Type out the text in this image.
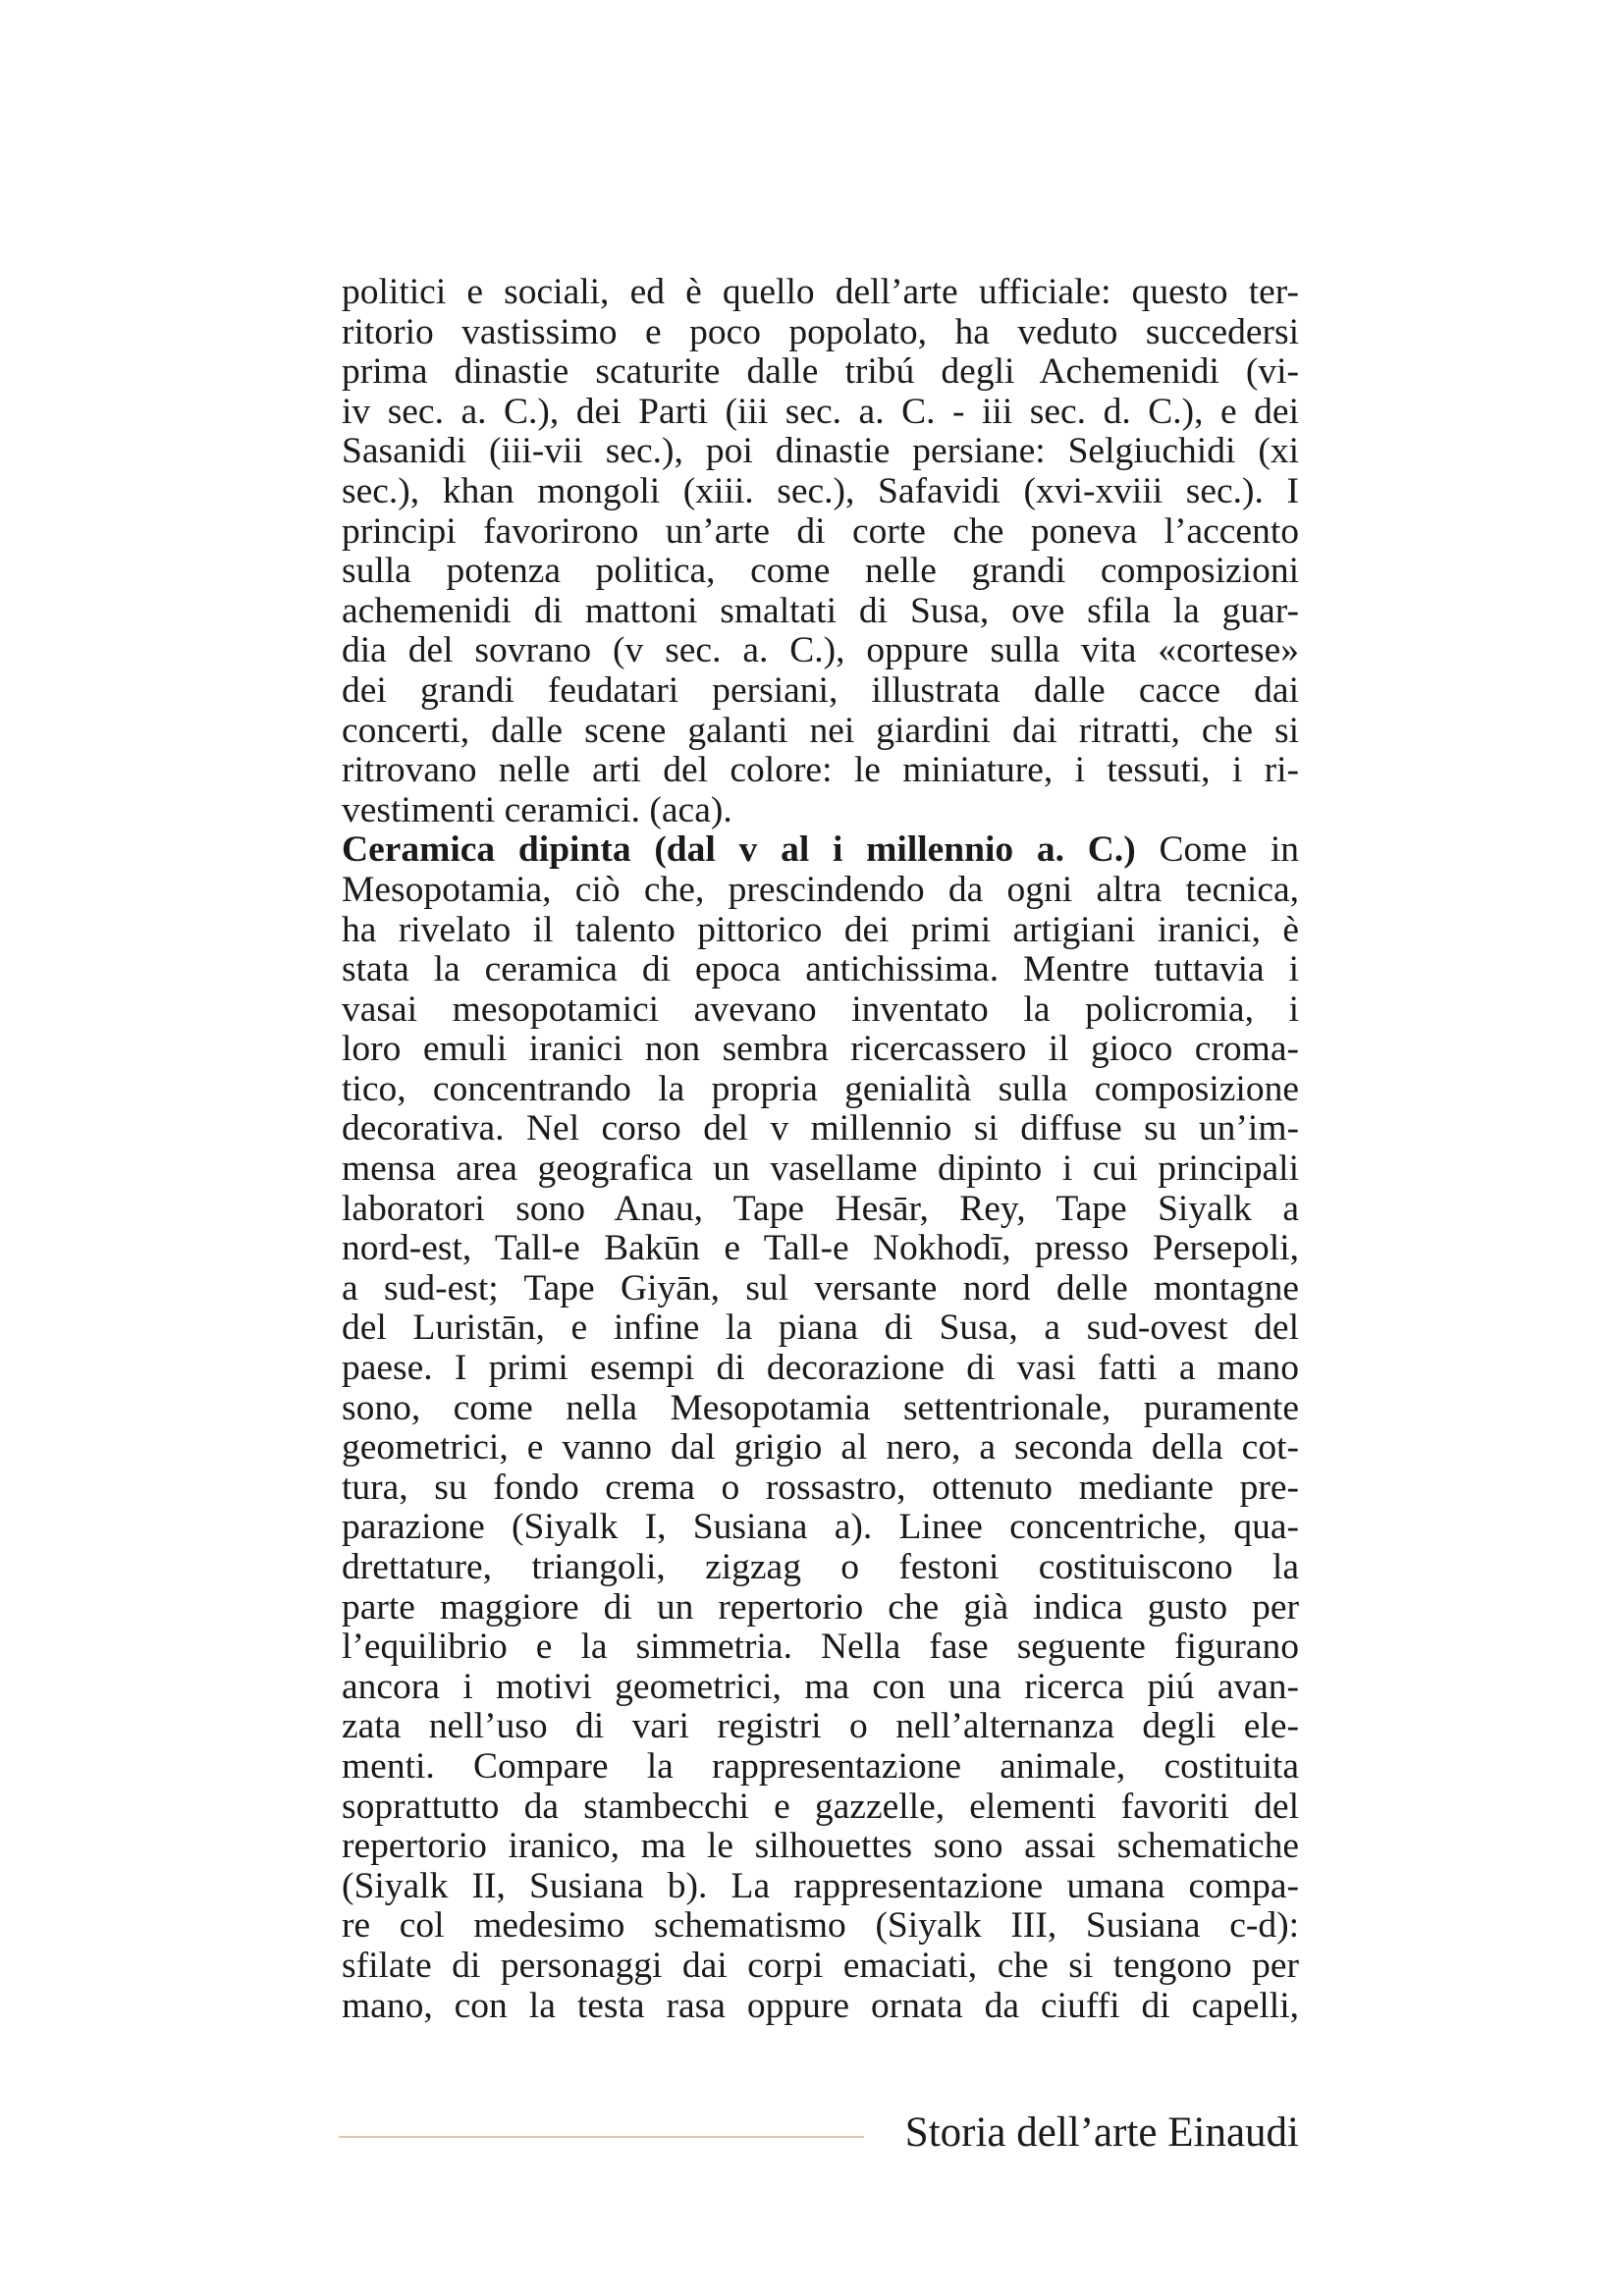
politici e sociali, ed è quello dell’arte ufficiale: questo ter-
ritorio vastissimo e poco popolato, ha veduto succedersi
prima dinastie scaturite dalle tribú degli Achemenidi (vi-
iv sec. a. C.), dei Parti (iii sec. a. C. - iii sec. d. C.), e dei
Sasanidi (iii-vii sec.), poi dinastie persiane: Selgiuchidi (xi
sec.), khan mongoli (xiii. sec.), Safavidi (xvi-xviii sec.). I
principi favorirono un’arte di corte che poneva l’accento
sulla potenza politica, come nelle grandi composizioni
achemenidi di mattoni smaltati di Susa, ove sfila la guar-
dia del sovrano (v sec. a. C.), oppure sulla vita «cortese»
dei grandi feudatari persiani, illustrata dalle cacce dai
concerti, dalle scene galanti nei giardini dai ritratti, che si
ritrovano nelle arti del colore: le miniature, i tessuti, i ri-
vestimenti ceramici. (aca).
Ceramica dipinta (dal v al i millennio a. C.) Come in
Mesopotamia, ciò che, prescindendo da ogni altra tecnica,
ha rivelato il talento pittorico dei primi artigiani iranici, è
stata la ceramica di epoca antichissima. Mentre tuttavia i
vasai mesopotamici avevano inventato la policromia, i
loro emuli iranici non sembra ricercassero il gioco croma-
tico, concentrando la propria genialità sulla composizione
decorativa. Nel corso del v millennio si diffuse su un’im-
mensa area geografica un vasellame dipinto i cui principali
laboratori sono Anau, Tape Hesār, Rey, Tape Siyalk a
nord-est, Tall-e Bakūn e Tall-e Nokhodī, presso Persepoli,
a sud-est; Tape Giyān, sul versante nord delle montagne
del Luristān, e infine la piana di Susa, a sud-ovest del
paese. I primi esempi di decorazione di vasi fatti a mano
sono, come nella Mesopotamia settentrionale, puramente
geometrici, e vanno dal grigio al nero, a seconda della cot-
tura, su fondo crema o rossastro, ottenuto mediante pre-
parazione (Siyalk I, Susiana a). Linee concentriche, qua-
drettature, triangoli, zigzag o festoni costituiscono la
parte maggiore di un repertorio che già indica gusto per
l’equilibrio e la simmetria. Nella fase seguente figurano
ancora i motivi geometrici, ma con una ricerca piú avan-
zata nell’uso di vari registri o nell’alternanza degli ele-
menti. Compare la rappresentazione animale, costituita
soprattutto da stambecchi e gazzelle, elementi favoriti del
repertorio iranico, ma le silhouettes sono assai schematiche
(Siyalk II, Susiana b). La rappresentazione umana compa-
re col medesimo schematismo (Siyalk III, Susiana c-d):
sfilate di personaggi dai corpi emaciati, che si tengono per
mano, con la testa rasa oppure ornata da ciuffi di capelli,
Storia dell’arte Einaudi
